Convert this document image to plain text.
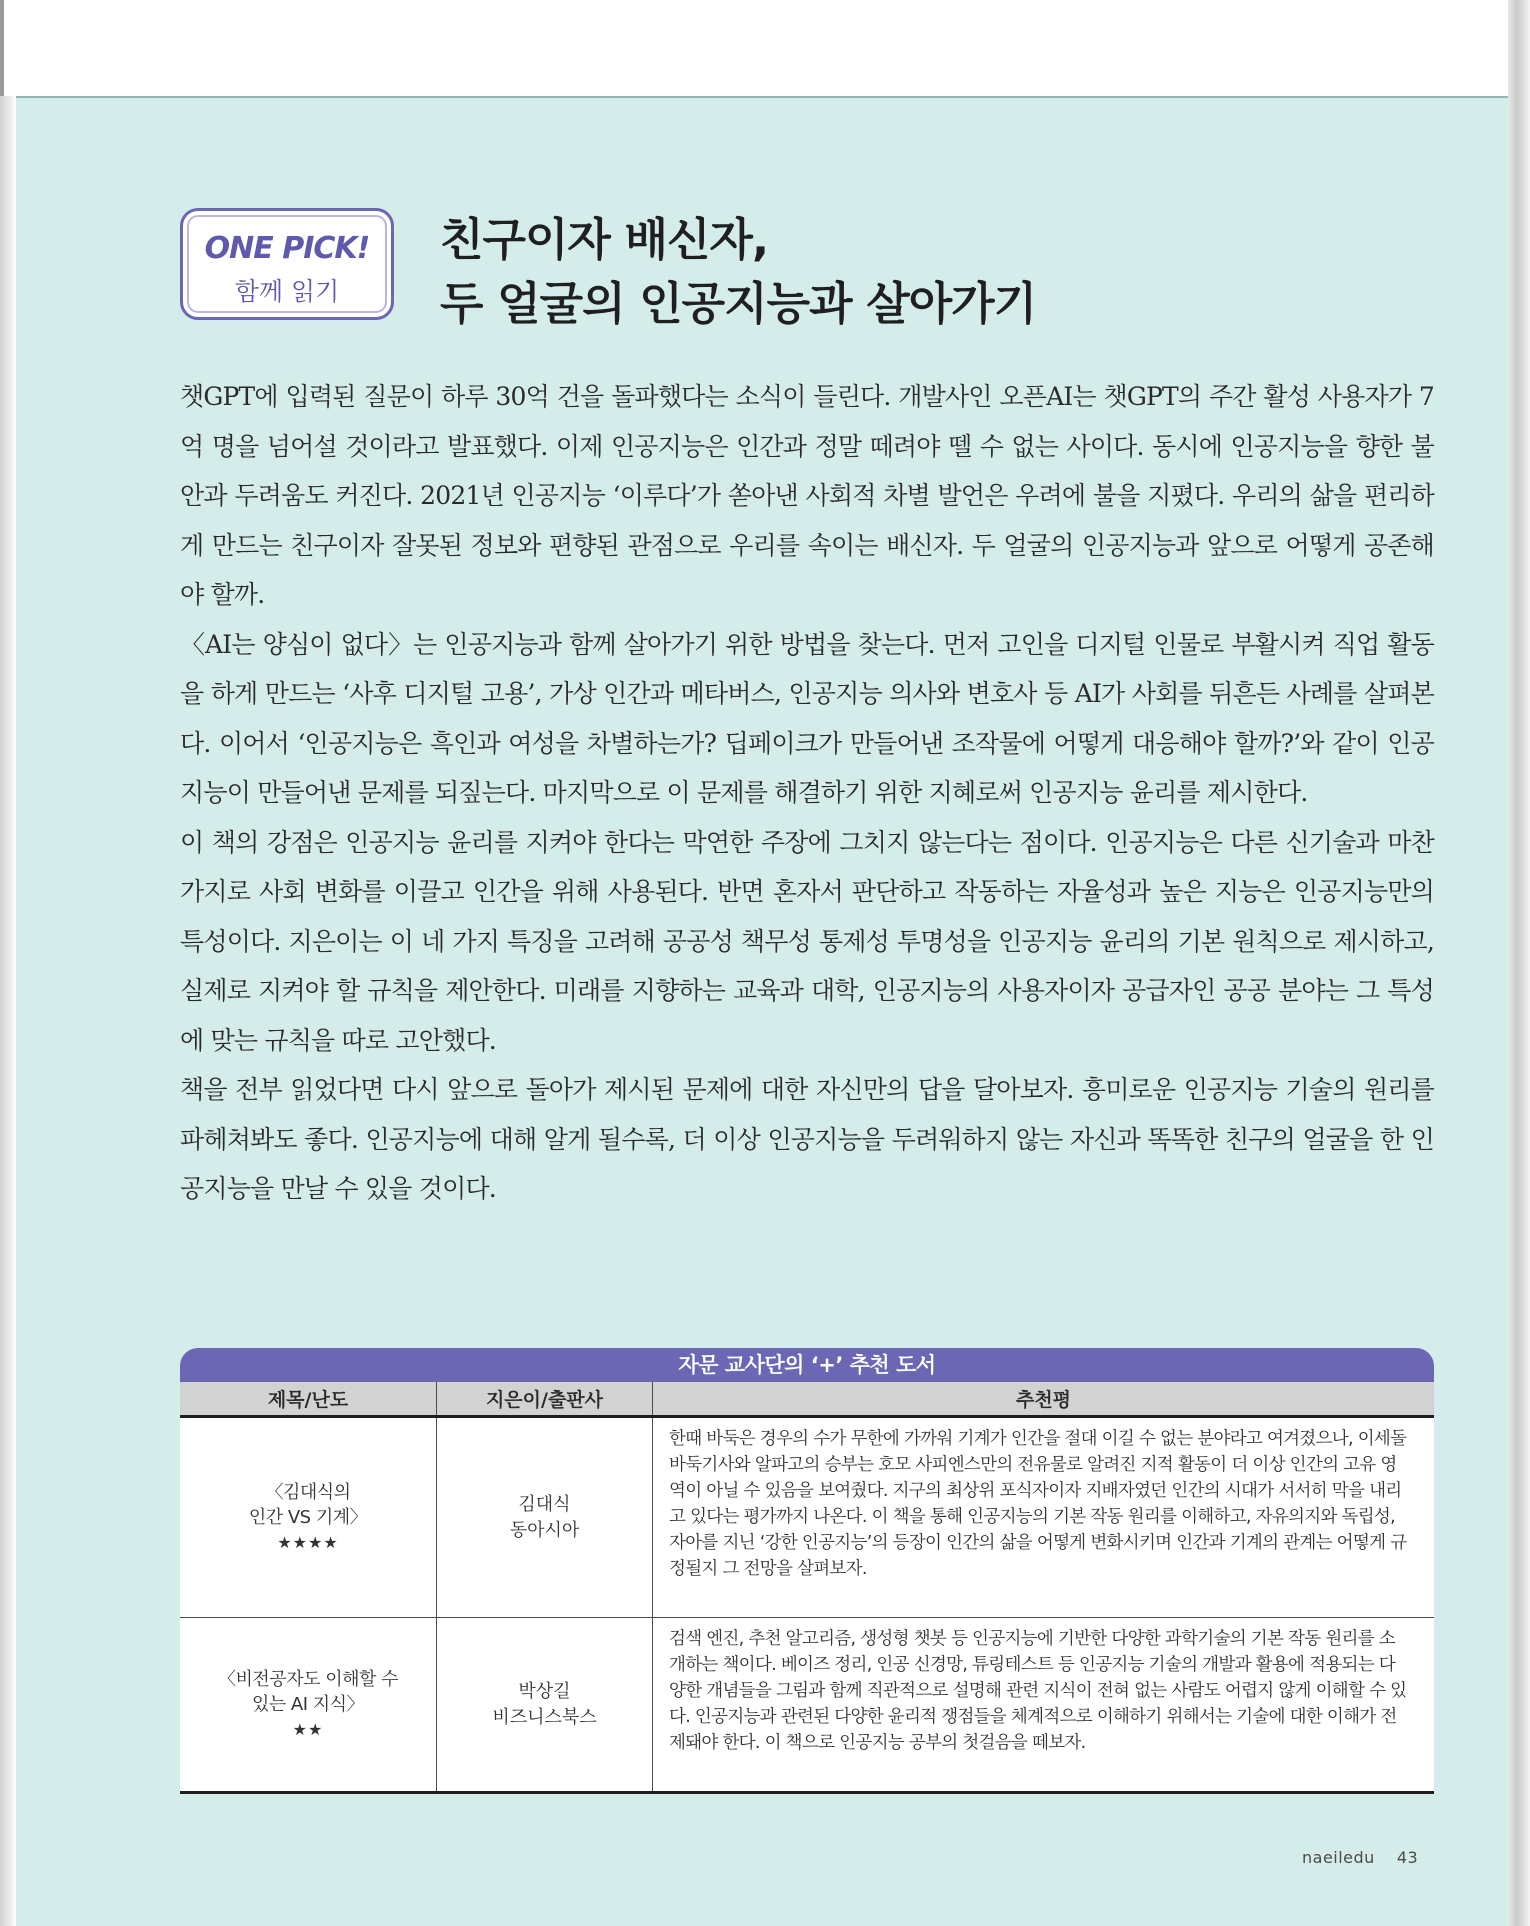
ONE PICK!
함께 읽기
친구이자 배신자,
두 얼굴의 인공지능과 살아가기

챗GPT에 입력된 질문이 하루 30억 건을 돌파했다는 소식이 들린다. 개발사인 오픈AI는 챗GPT의 주간 활성 사용자가 7억 명을 넘어설 것이라고 발표했다. 이제 인공지능은 인간과 정말 떼려야 뗄 수 없는 사이다. 동시에 인공지능을 향한 불안과 두려움도 커진다. 2021년 인공지능 ‘이루다’가 쏟아낸 사회적 차별 발언은 우려에 불을 지폈다. 우리의 삶을 편리하게 만드는 친구이자 잘못된 정보와 편향된 관점으로 우리를 속이는 배신자. 두 얼굴의 인공지능과 앞으로 어떻게 공존해야 할까.

〈AI는 양심이 없다〉는 인공지능과 함께 살아가기 위한 방법을 찾는다. 먼저 고인을 디지털 인물로 부활시켜 직업 활동을 하게 만드는 ‘사후 디지털 고용’, 가상 인간과 메타버스, 인공지능 의사와 변호사 등 AI가 사회를 뒤흔든 사례를 살펴본다. 이어서 ‘인공지능은 흑인과 여성을 차별하는가? 딥페이크가 만들어낸 조작물에 어떻게 대응해야 할까?’와 같이 인공지능이 만들어낸 문제를 되짚는다. 마지막으로 이 문제를 해결하기 위한 지혜로써 인공지능 윤리를 제시한다.

이 책의 강점은 인공지능 윤리를 지켜야 한다는 막연한 주장에 그치지 않는다는 점이다. 인공지능은 다른 신기술과 마찬가지로 사회 변화를 이끌고 인간을 위해 사용된다. 반면 혼자서 판단하고 작동하는 자율성과 높은 지능은 인공지능만의 특성이다. 지은이는 이 네 가지 특징을 고려해 공공성 책무성 통제성 투명성을 인공지능 윤리의 기본 원칙으로 제시하고, 실제로 지켜야 할 규칙을 제안한다. 미래를 지향하는 교육과 대학, 인공지능의 사용자이자 공급자인 공공 분야는 그 특성에 맞는 규칙을 따로 고안했다.

책을 전부 읽었다면 다시 앞으로 돌아가 제시된 문제에 대한 자신만의 답을 달아보자. 흥미로운 인공지능 기술의 원리를 파헤쳐봐도 좋다. 인공지능에 대해 알게 될수록, 더 이상 인공지능을 두려워하지 않는 자신과 똑똑한 친구의 얼굴을 한 인공지능을 만날 수 있을 것이다.

자문 교사단의 ‘+’ 추천 도서
제목/난도	지은이/출판사	추천평
〈김대식의
인간 VS 기계〉
★★★★
김대식
동아시아
한때 바둑은 경우의 수가 무한에 가까워 기계가 인간을 절대 이길 수 없는 분야라고 여겨졌으나, 이세돌 바둑기사와 알파고의 승부는 호모 사피엔스만의 전유물로 알려진 지적 활동이 더 이상 인간의 고유 영역이 아닐 수 있음을 보여줬다. 지구의 최상위 포식자이자 지배자였던 인간의 시대가 서서히 막을 내리고 있다는 평가까지 나온다. 이 책을 통해 인공지능의 기본 작동 원리를 이해하고, 자유의지와 독립성, 자아를 지닌 ‘강한 인공지능’의 등장이 인간의 삶을 어떻게 변화시키며 인간과 기계의 관계는 어떻게 규정될지 그 전망을 살펴보자.
〈비전공자도 이해할 수
있는 AI 지식〉
★★
박상길
비즈니스북스
검색 엔진, 추천 알고리즘, 생성형 챗봇 등 인공지능에 기반한 다양한 과학기술의 기본 작동 원리를 소개하는 책이다. 베이즈 정리, 인공 신경망, 튜링테스트 등 인공지능 기술의 개발과 활용에 적용되는 다양한 개념들을 그림과 함께 직관적으로 설명해 관련 지식이 전혀 없는 사람도 어렵지 않게 이해할 수 있다. 인공지능과 관련된 다양한 윤리적 쟁점들을 체계적으로 이해하기 위해서는 기술에 대한 이해가 전제돼야 한다. 이 책으로 인공지능 공부의 첫걸음을 떼보자.
naeiledu 43
